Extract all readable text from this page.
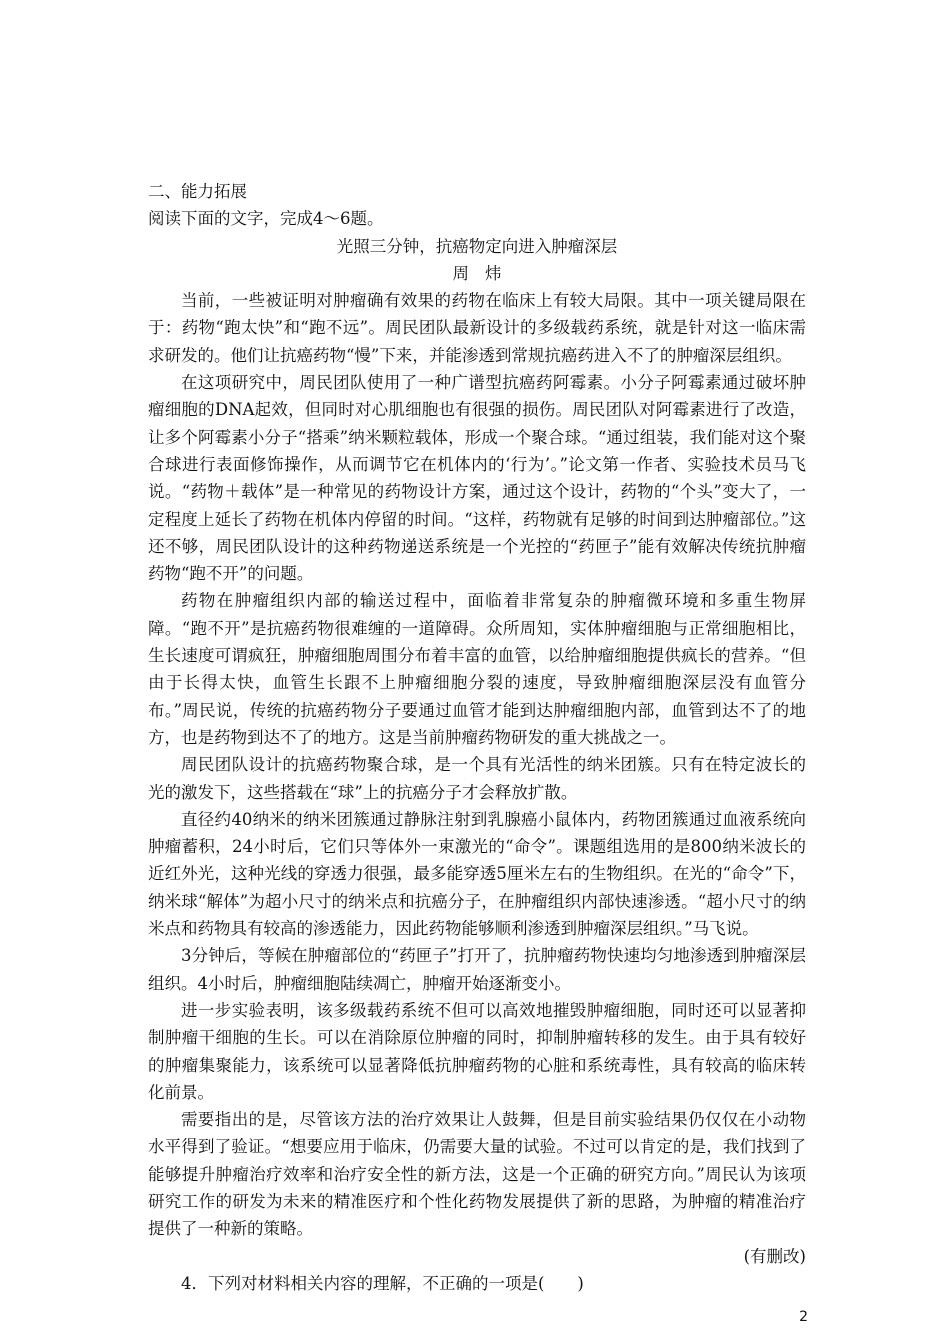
二、能力拓展

阅读下面的文字，完成4～6题。

光照三分钟，抗癌物定向进入肿瘤深层

周炜

当前，一些被证明对肿瘤确有效果的药物在临床上有较大局限。其中一项关键局限在于：药物“跑太快”和“跑不远”。周民团队最新设计的多级载药系统，就是针对这一临床需求研发的。他们让抗癌药物“慢”下来，并能渗透到常规抗癌药进入不了的肿瘤深层组织。

在这项研究中，周民团队使用了一种广谱型抗癌药阿霉素。小分子阿霉素通过破坏肿瘤细胞的DNA起效，但同时对心肌细胞也有很强的损伤。周民团队对阿霉素进行了改造，让多个阿霉素小分子“搭乘”纳米颗粒载体，形成一个聚合球。“通过组装，我们能对这个聚合球进行表面修饰操作，从而调节它在机体内的‘行为’。”论文第一作者、实验技术员马飞说。“药物＋载体”是一种常见的药物设计方案，通过这个设计，药物的“个头”变大了，一定程度上延长了药物在机体内停留的时间。“这样，药物就有足够的时间到达肿瘤部位。”这还不够，周民团队设计的这种药物递送系统是一个光控的“药匣子”能有效解决传统抗肿瘤药物“跑不开”的问题。

药物在肿瘤组织内部的输送过程中，面临着非常复杂的肿瘤微环境和多重生物屏障。“跑不开”是抗癌药物很难缠的一道障碍。众所周知，实体肿瘤细胞与正常细胞相比，生长速度可谓疯狂，肿瘤细胞周围分布着丰富的血管，以给肿瘤细胞提供疯长的营养。“但由于长得太快，血管生长跟不上肿瘤细胞分裂的速度，导致肿瘤细胞深层没有血管分布。”周民说，传统的抗癌药物分子要通过血管才能到达肿瘤细胞内部，血管到达不了的地方，也是药物到达不了的地方。这是当前肿瘤药物研发的重大挑战之一。

周民团队设计的抗癌药物聚合球，是一个具有光活性的纳米团簇。只有在特定波长的光的激发下，这些搭载在“球”上的抗癌分子才会释放扩散。

直径约40纳米的纳米团簇通过静脉注射到乳腺癌小鼠体内，药物团簇通过血液系统向肿瘤蓄积，24小时后，它们只等体外一束激光的“命令”。课题组选用的是800纳米波长的近红外光，这种光线的穿透力很强，最多能穿透5厘米左右的生物组织。在光的“命令”下，纳米球“解体”为超小尺寸的纳米点和抗癌分子，在肿瘤组织内部快速渗透。“超小尺寸的纳米点和药物具有较高的渗透能力，因此药物能够顺利渗透到肿瘤深层组织。”马飞说。

3分钟后，等候在肿瘤部位的“药匣子”打开了，抗肿瘤药物快速均匀地渗透到肿瘤深层组织。4小时后，肿瘤细胞陆续凋亡，肿瘤开始逐渐变小。

进一步实验表明，该多级载药系统不但可以高效地摧毁肿瘤细胞，同时还可以显著抑制肿瘤干细胞的生长。可以在消除原位肿瘤的同时，抑制肿瘤转移的发生。由于具有较好的肿瘤集聚能力，该系统可以显著降低抗肿瘤药物的心脏和系统毒性，具有较高的临床转化前景。

需要指出的是，尽管该方法的治疗效果让人鼓舞，但是目前实验结果仍仅仅在小动物水平得到了验证。“想要应用于临床，仍需要大量的试验。不过可以肯定的是，我们找到了能够提升肿瘤治疗效率和治疗安全性的新方法，这是一个正确的研究方向。”周民认为该项研究工作的研发为未来的精准医疗和个性化药物发展提供了新的思路，为肿瘤的精准治疗提供了一种新的策略。

(有删改)

4．下列对材料相关内容的理解，不正确的一项是(　　)

2
